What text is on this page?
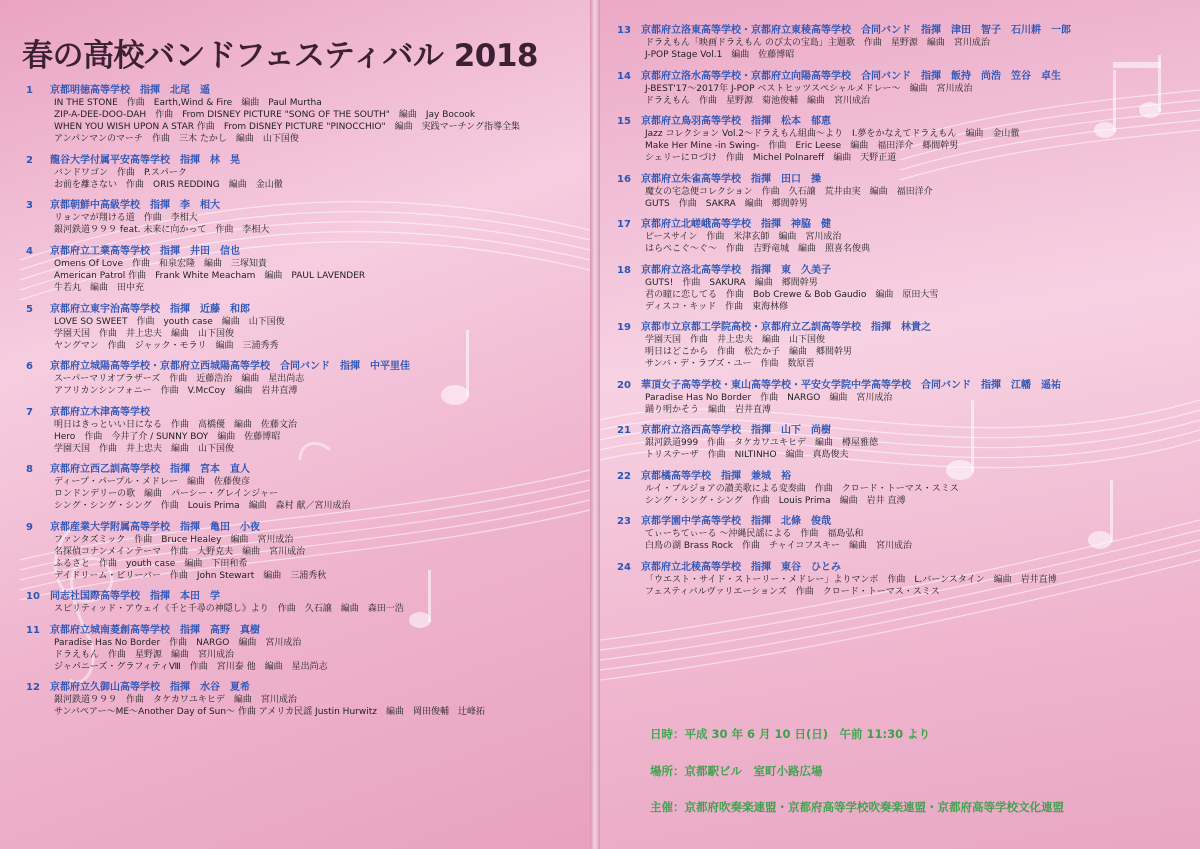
春の高校バンドフェスティバル 2018
1 京都明徳高等学校　指揮　北尾　遥
IN THE STONE　作曲　Earth,Wind & Fire　編曲　Paul Murtha
ZIP-A-DEE-DOO-DAH　作曲　From DISNEY PICTURE "SONG OF THE SOUTH"　編曲　Jay Bocook
WHEN YOU WISH UPON A STAR 作曲　From DISNEY PICTURE "PINOCCHIO"　編曲　実践マーチング指導全集
アンパンマンのマーチ　作曲　三木 たかし　編曲　山下国俊
2 龍谷大学付属平安高等学校　指揮　林　晃
バンドワゴン　作曲　P.スパーク
お前を離さない　作曲　ORIS REDDING　編曲　金山徹
3 京都朝鮮中高級学校　指揮　李　相大
リョンマが翔ける道　作曲　李相大
銀河鉄道９９９ feat. 未来に向かって　作曲　李相大
4 京都府立工業高等学校　指揮　井田　信也
Omens Of Love　作曲　和泉宏隆　編曲　三塚知貴
American Patrol 作曲　Frank White Meacham　編曲　PAUL LAVENDER
牛若丸　編曲　田中充
5 京都府立東宇治高等学校　指揮　近藤　和郎
LOVE SO SWEET　作曲　youth case　編曲　山下国俊
学園天国　作曲　井上忠夫　編曲　山下国俊
ヤングマン　作曲　ジャック・モラリ　編曲　三浦秀秀
6 京都府立城陽高等学校・京都府立西城陽高等学校　合同バンド　指揮　中平里佳
スーパーマリオブラザーズ　作曲　近藤浩治　編曲　星出尚志
アフリカンシンフォニー　作曲　V.McCoy　編曲　岩井直溥
7 京都府立木津高等学校
明日はきっといい日になる　作曲　高橋優　編曲　佐藤文治
Hero　作曲　今井了介 / SUNNY BOY　編曲　佐藤博昭
学園天国　作曲　井上忠夫　編曲　山下国俊
8 京都府立西乙訓高等学校　指揮　宮本　直人
ディープ・パープル・メドレー　編曲　佐藤俊彦
ロンドンデリーの歌　編曲　パーシー・グレインジャー
シング・シング・シング　作曲　Louis Prima　編曲　森村 献／宮川成治
9 京都産業大学附属高等学校　指揮　亀田　小夜
ファンタズミック　作曲　Bruce Healey　編曲　宮川成治
名探偵コナンメインテーマ　作曲　大野克夫　編曲　宮川成治
ふるさと　作曲　youth case　編曲　下田和希
デイドリーム・ビリーバー　作曲　John Stewart　編曲　三浦秀秋
10 同志社国際高等学校　指揮　本田　学
スピリティッド・アウェイ《千と千尋の神隠し》より　作曲　久石譲　編曲　森田一浩
11 京都府立城南菱創高等学校　指揮　高野　真樹
Paradise Has No Border　作曲　NARGO　編曲　宮川成治
ドラえもん　作曲　星野源　編曲　宮川成治
ジャパニーズ・グラフィティⅧ　作曲　宮川泰 他　編曲　星出尚志
12 京都府立久御山高等学校　指揮　水谷　夏希
銀河鉄道９９９　作曲　タケカワユキヒデ　編曲　宮川成治
サンバペアー～ME～Another Day of Sun～ 作曲 アメリカ民謡 Justin Hurwitz　編曲　岡田俊輔　辻峰拓
13 京都府立洛東高等学校・京都府立東稜高等学校　合同バンド　指揮　津田　智子　石川耕　一郎
ドラえもん「映画ドラえもん のび太の宝島」主題歌　作曲　星野源　編曲　宮川成治
J-POP Stage Vol.1　編曲　佐藤博昭
14 京都府立洛水高等学校・京都府立向陽高等学校　合同バンド　指揮　飯持　尚浩　笠谷　卓生
J-BEST'17～2017年 J-POP ベストヒッツスペシャルメドレー～　編曲　宮川成治
ドラえもん　作曲　星野源　菊池俊輔　編曲　宮川成治
15 京都府立鳥羽高等学校　指揮　松本　郁恵
Jazz コレクション Vol.2～ドラえもん組曲～より　Ⅰ.夢をかなえてドラえもん　編曲　金山徹
Make Her Mine -in Swing-　作曲　Eric Leese　編曲　福田洋介　郷間幹男
シェリーにロづけ　作曲　Michel Polnareff　編曲　天野正道
16 京都府立朱雀高等学校　指揮　田口　操
魔女の宅急便コレクション　作曲　久石譲　荒井由実　編曲　福田洋介
GUTS　作曲　SAKRA　編曲　郷間幹男
17 京都府立北嵯峨高等学校　指揮　神脇　健
ピースサイン　作曲　米津玄師　編曲　宮川成治
はらぺこぐ～ぐ～　作曲　吉野竜城　編曲　照喜名俊典
18 京都府立洛北高等学校　指揮　東　久美子
GUTS!　作曲　SAKURA　編曲　郷間幹男
君の瞳に恋してる　作曲　Bob Crewe & Bob Gaudio　編曲　原田大雪
ディスコ・キッド　作曲　東海林修
19 京都市立京都工学院高校・京都府立乙訓高等学校　指揮　林貴之
学園天国　作曲　井上忠夫　編曲　山下国俊
明日はどこから　作曲　松たか子　編曲　郷間幹男
サンバ・デ・ラブズ・ユー　作曲　数原晋
20 華頂女子高等学校・東山高等学校・平安女学院中学高等学校　合同バンド　指揮　江幡　遥祐
Paradise Has No Border　作曲　NARGO　編曲　宮川成治
踊り明かそう　編曲　岩井直溥
21 京都府立洛西高等学校　指揮　山下　尚樹
銀河鉄道999　作曲　タケカワユキヒデ　編曲　樽屋雅徳
トリステーザ　作曲　NILTINHO　編曲　真島俊夫
22 京都橘高等学校　指揮　兼城　裕
ルイ・ブルジョアの讃美歌による変奏曲　作曲　クロード・トーマス・スミス
シング・シング・シング　作曲　Louis Prima　編曲　岩井 直溥
23 京都学園中学高等学校　指揮　北條　俊哉
てぃーちてぃーる ～沖縄民謡による　作曲　福島弘和
白鳥の湖 Brass Rock　作曲　チャイコフスキー　編曲　宮川成治
24 京都府立北稜高等学校　指揮　東谷　ひとみ
「ウエスト・サイド・ストーリー・メドレー」よりマンボ　作曲　L.バーンスタイン　編曲　岩井直博
フェスティバルヴァリエーションズ　作曲　クロード・トーマス・スミス
日時：平成 30 年 6 月 10 日(日)　午前 11:30 より
場所：京都駅ビル　室町小路広場
主催：京都府吹奏楽連盟・京都府高等学校吹奏楽連盟・京都府高等学校文化連盟
